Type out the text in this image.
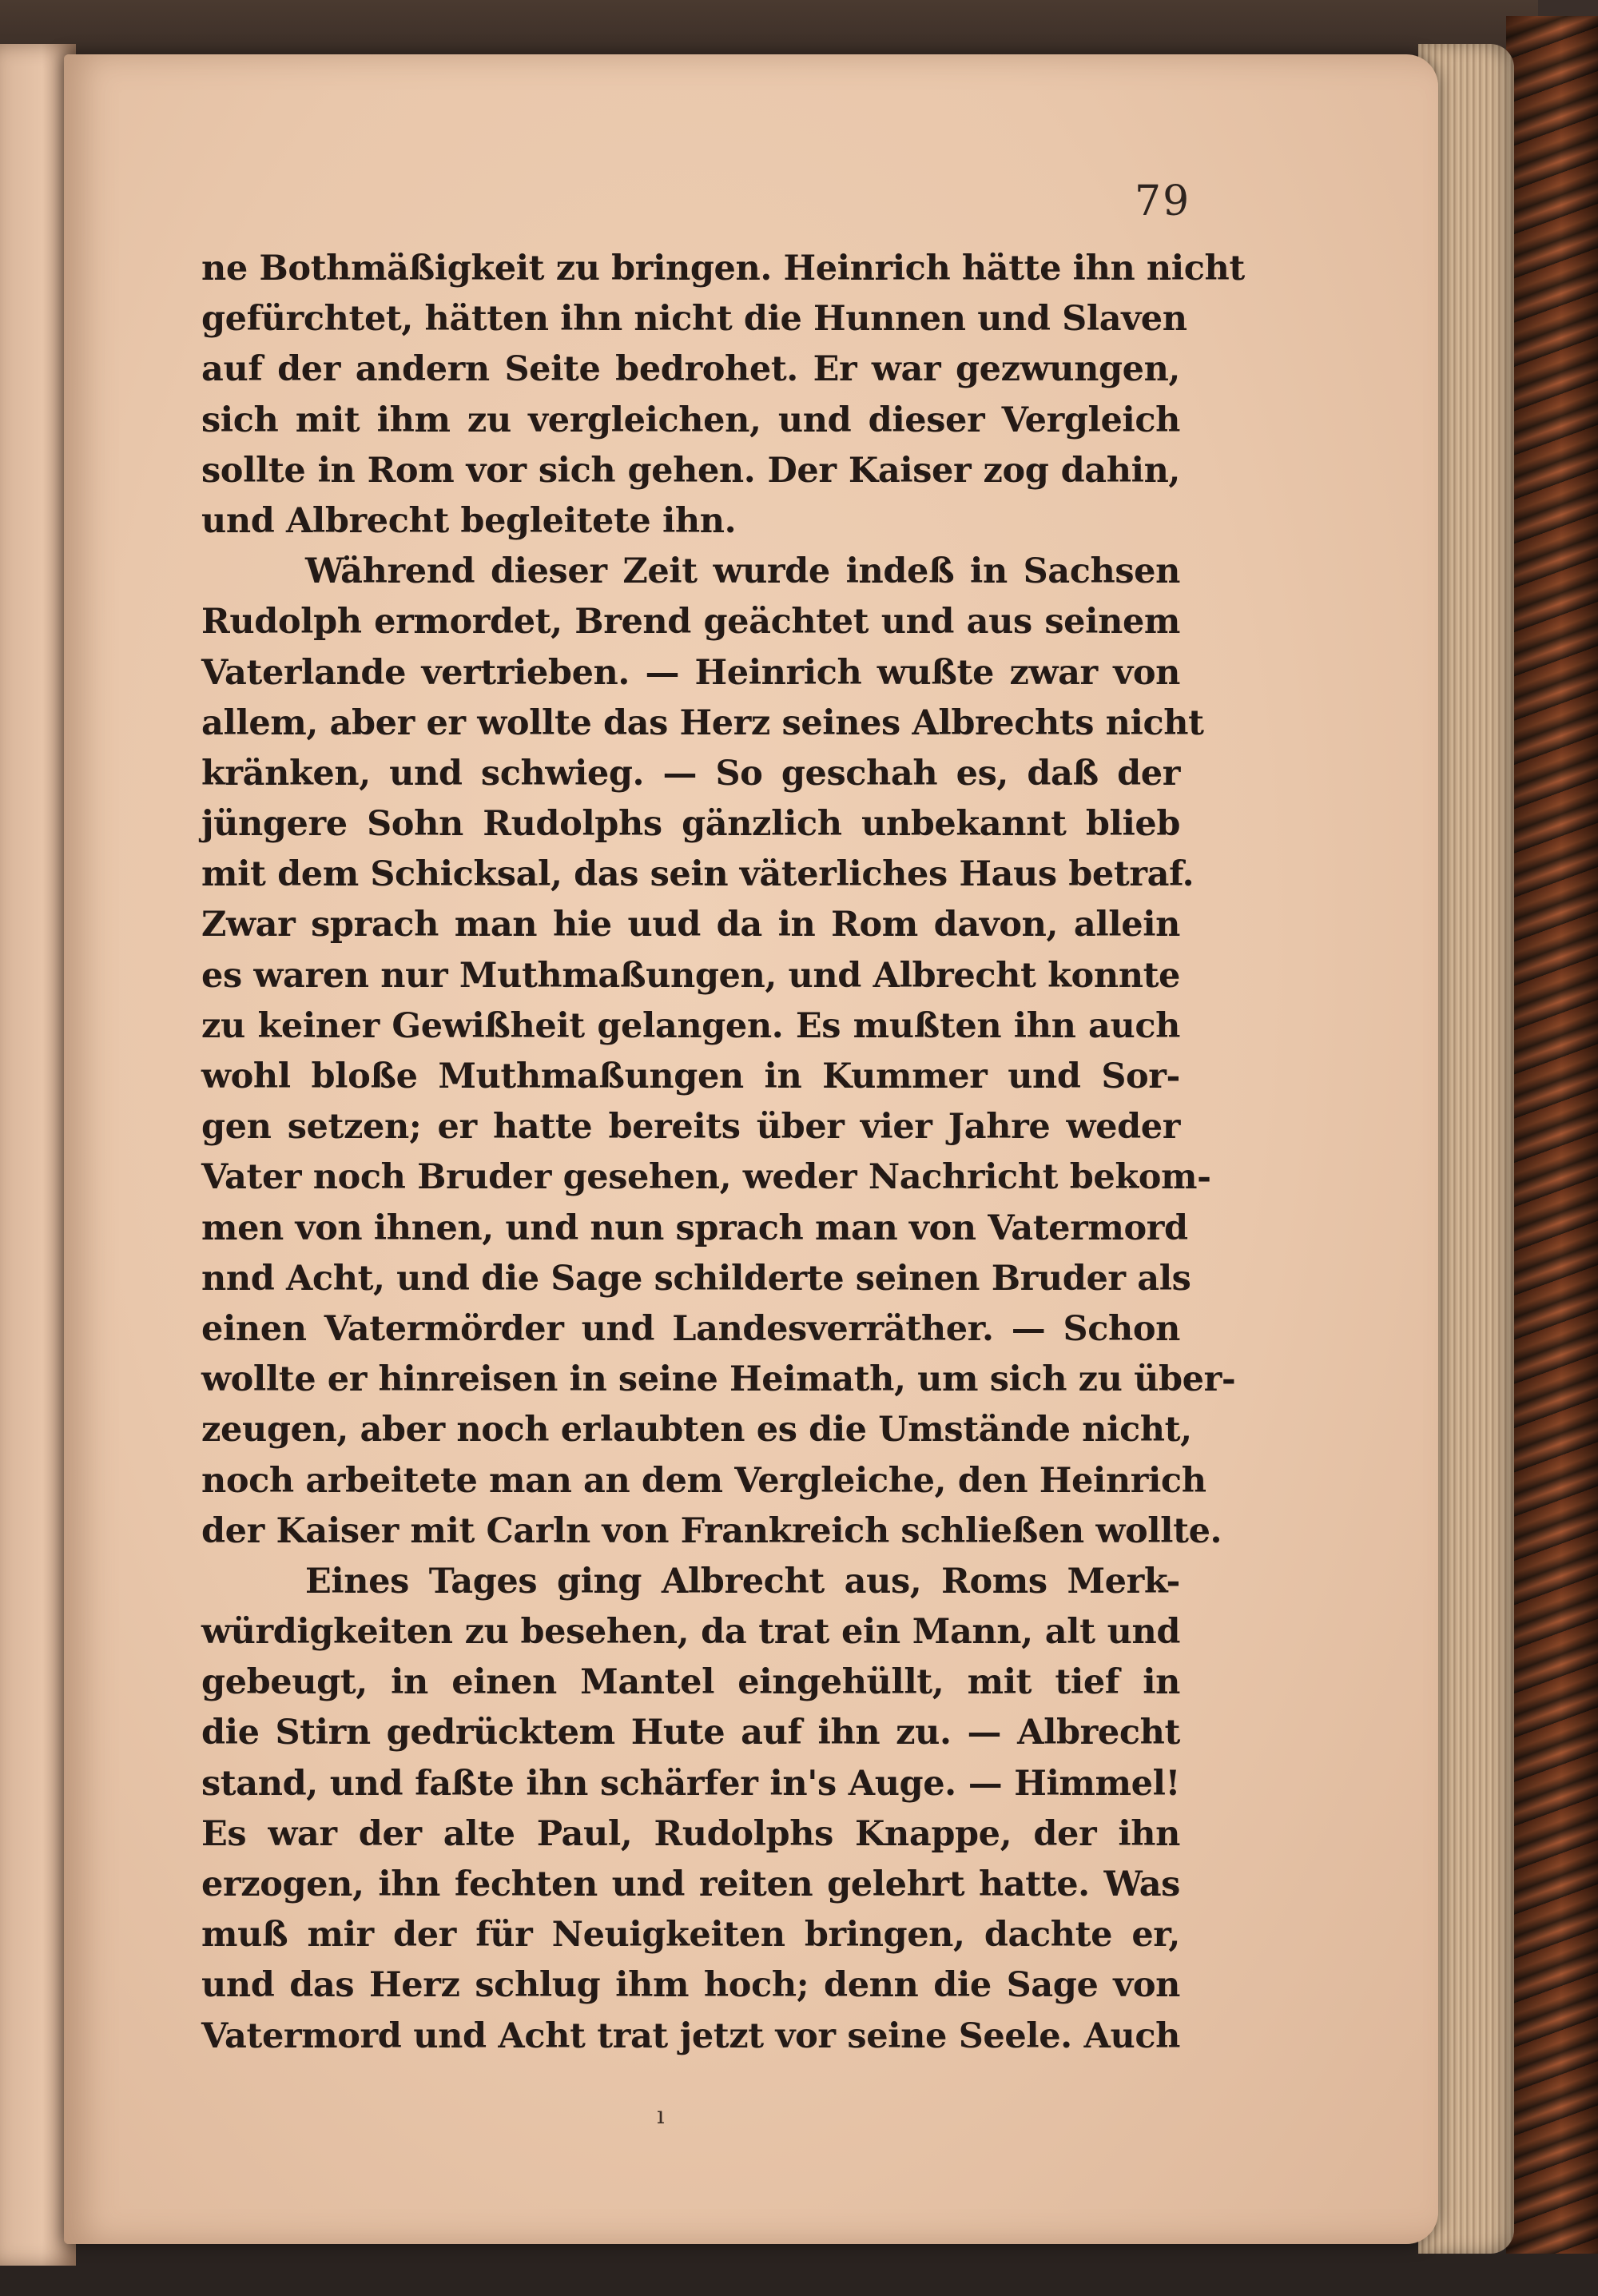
79
ne Bothmäßigkeit zu bringen. Heinrich hätte ihn nicht
gefürchtet, hätten ihn nicht die Hunnen und Slaven
auf der andern Seite bedrohet. Er war gezwungen,
sich mit ihm zu vergleichen, und dieser Vergleich
sollte in Rom vor sich gehen. Der Kaiser zog dahin,
und Albrecht begleitete ihn.
Während dieser Zeit wurde indeß in Sachsen
Rudolph ermordet, Brend geächtet und aus seinem
Vaterlande vertrieben. — Heinrich wußte zwar von
allem, aber er wollte das Herz seines Albrechts nicht
kränken, und schwieg. — So geschah es, daß der
jüngere Sohn Rudolphs gänzlich unbekannt blieb
mit dem Schicksal, das sein väterliches Haus betraf.
Zwar sprach man hie uud da in Rom davon, allein
es waren nur Muthmaßungen, und Albrecht konnte
zu keiner Gewißheit gelangen. Es mußten ihn auch
wohl bloße Muthmaßungen in Kummer und Sor-
gen setzen; er hatte bereits über vier Jahre weder
Vater noch Bruder gesehen, weder Nachricht bekom-
men von ihnen, und nun sprach man von Vatermord
nnd Acht, und die Sage schilderte seinen Bruder als
einen Vatermörder und Landesverräther. — Schon
wollte er hinreisen in seine Heimath, um sich zu über-
zeugen, aber noch erlaubten es die Umstände nicht,
noch arbeitete man an dem Vergleiche, den Heinrich
der Kaiser mit Carln von Frankreich schließen wollte.
Eines Tages ging Albrecht aus, Roms Merk-
würdigkeiten zu besehen, da trat ein Mann, alt und
gebeugt, in einen Mantel eingehüllt, mit tief in
die Stirn gedrücktem Hute auf ihn zu. — Albrecht
stand, und faßte ihn schärfer in's Auge. — Himmel!
Es war der alte Paul, Rudolphs Knappe, der ihn
erzogen, ihn fechten und reiten gelehrt hatte. Was
muß mir der für Neuigkeiten bringen, dachte er,
und das Herz schlug ihm hoch; denn die Sage von
Vatermord und Acht trat jetzt vor seine Seele. Auch
ı
